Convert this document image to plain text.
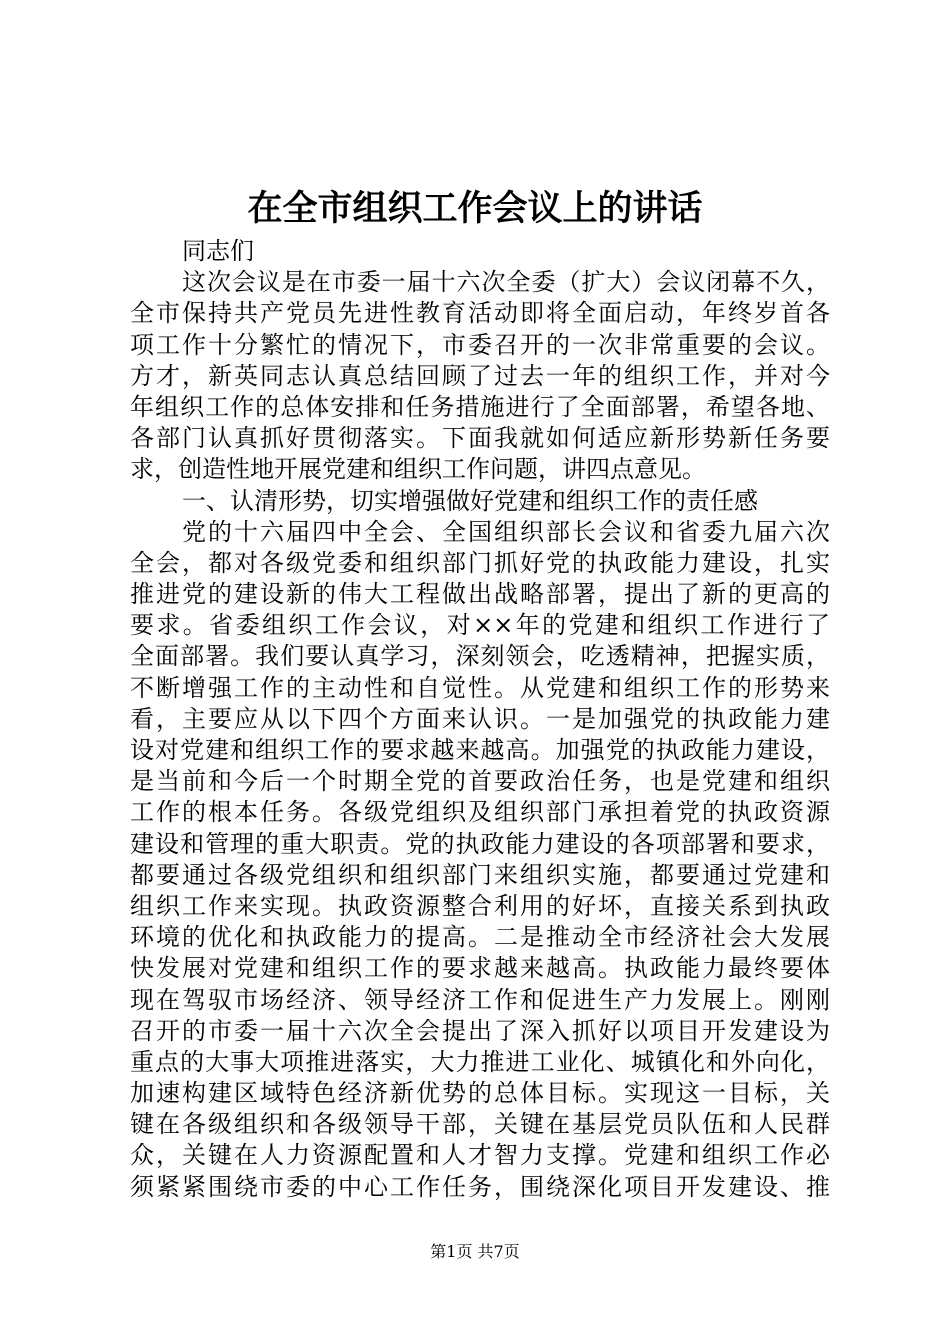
在全市组织工作会议上的讲话
同志们
这次会议是在市委一届十六次全委（扩大）会议闭幕不久，
全市保持共产党员先进性教育活动即将全面启动，年终岁首各
项工作十分繁忙的情况下，市委召开的一次非常重要的会议。
方才，新英同志认真总结回顾了过去一年的组织工作，并对今
年组织工作的总体安排和任务措施进行了全面部署，希望各地、
各部门认真抓好贯彻落实。下面我就如何适应新形势新任务要
求，创造性地开展党建和组织工作问题，讲四点意见。
一、认清形势，切实增强做好党建和组织工作的责任感
党的十六届四中全会、全国组织部长会议和省委九届六次
全会，都对各级党委和组织部门抓好党的执政能力建设，扎实
推进党的建设新的伟大工程做出战略部署，提出了新的更高的
要求。省委组织工作会议，对××年的党建和组织工作进行了
全面部署。我们要认真学习，深刻领会，吃透精神，把握实质，
不断增强工作的主动性和自觉性。从党建和组织工作的形势来
看，主要应从以下四个方面来认识。一是加强党的执政能力建
设对党建和组织工作的要求越来越高。加强党的执政能力建设，
是当前和今后一个时期全党的首要政治任务，也是党建和组织
工作的根本任务。各级党组织及组织部门承担着党的执政资源
建设和管理的重大职责。党的执政能力建设的各项部署和要求，
都要通过各级党组织和组织部门来组织实施，都要通过党建和
组织工作来实现。执政资源整合利用的好坏，直接关系到执政
环境的优化和执政能力的提高。二是推动全市经济社会大发展
快发展对党建和组织工作的要求越来越高。执政能力最终要体
现在驾驭市场经济、领导经济工作和促进生产力发展上。刚刚
召开的市委一届十六次全会提出了深入抓好以项目开发建设为
重点的大事大项推进落实，大力推进工业化、城镇化和外向化，
加速构建区域特色经济新优势的总体目标。实现这一目标，关
键在各级组织和各级领导干部，关键在基层党员队伍和人民群
众，关键在人力资源配置和人才智力支撑。党建和组织工作必
须紧紧围绕市委的中心工作任务，围绕深化项目开发建设、推
第1页 共7页
